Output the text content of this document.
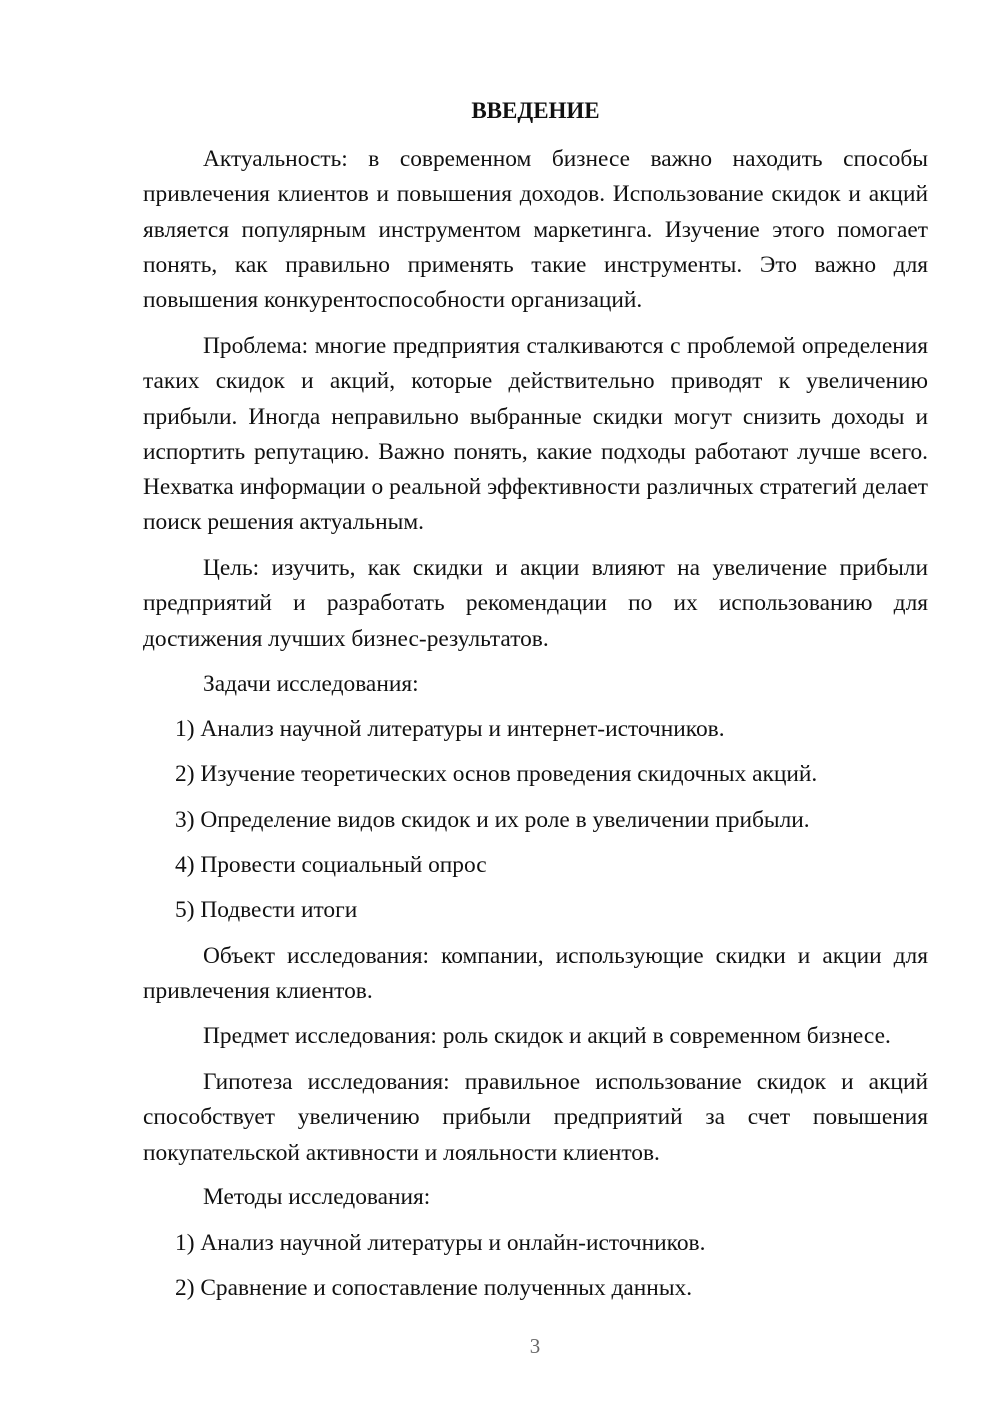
ВВЕДЕНИЕ
Актуальность: в современном бизнесе важно находить способы привлечения клиентов и повышения доходов. Использование скидок и акций является популярным инструментом маркетинга. Изучение этого помогает понять, как правильно применять такие инструменты. Это важно для повышения конкурентоспособности организаций.
Проблема: многие предприятия сталкиваются с проблемой определения таких скидок и акций, которые действительно приводят к увеличению прибыли. Иногда неправильно выбранные скидки могут снизить доходы и испортить репутацию. Важно понять, какие подходы работают лучше всего. Нехватка информации о реальной эффективности различных стратегий делает поиск решения актуальным.
Цель: изучить, как скидки и акции влияют на увеличение прибыли предприятий и разработать рекомендации по их использованию для достижения лучших бизнес-результатов.
Задачи исследования:
1) Анализ научной литературы и интернет-источников.
2) Изучение теоретических основ проведения скидочных акций.
3) Определение видов скидок и их роле в увеличении прибыли.
4) Провести социальный опрос
5) Подвести итоги
Объект исследования: компании, использующие скидки и акции для привлечения клиентов.
Предмет исследования: роль скидок и акций в современном бизнесе.
Гипотеза исследования: правильное использование скидок и акций способствует увеличению прибыли предприятий за счет повышения покупательской активности и лояльности клиентов.
Методы исследования:
1) Анализ научной литературы и онлайн-источников.
2) Сравнение и сопоставление полученных данных.
3
